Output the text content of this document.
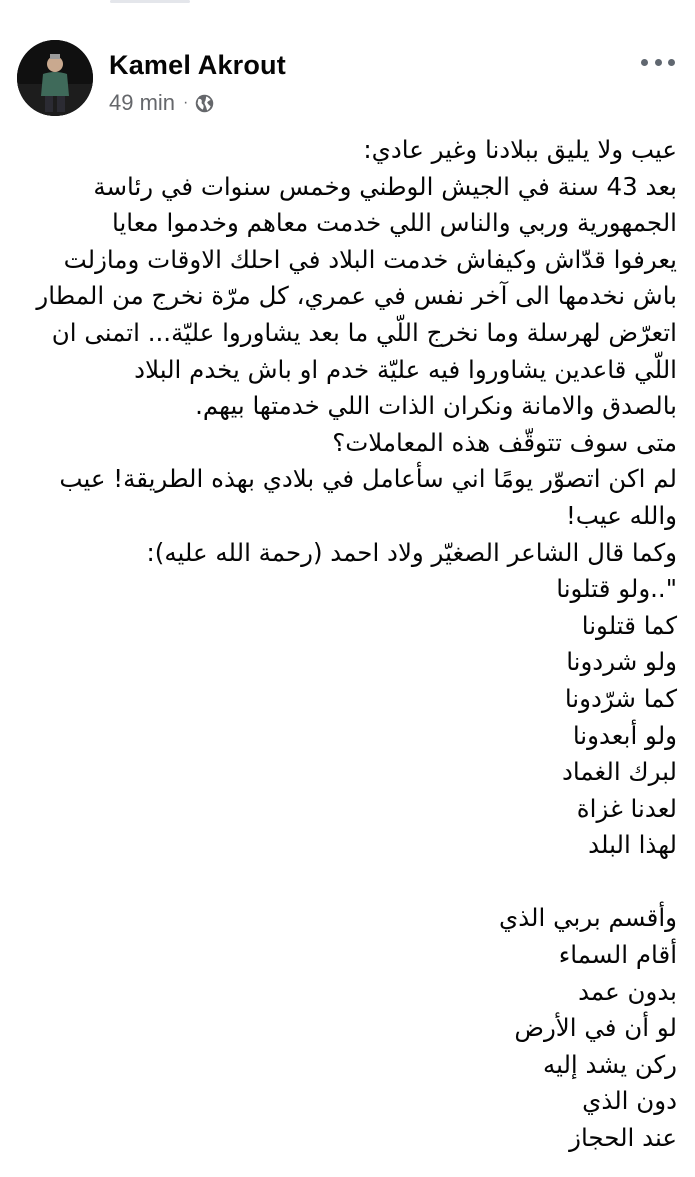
Kamel Akrout
49 min ·
عيب ولا يليق ببلادنا وغير عادي:
بعد 43 سنة في الجيش الوطني وخمس سنوات في رئاسة
الجمهورية وربي والناس اللي خدمت معاهم وخدموا معايا
يعرفوا قدّاش وكيفاش خدمت البلاد في احلك الاوقات ومازلت
باش نخدمها الى آخر نفس في عمري، كل مرّة نخرج من المطار
اتعرّض لهرسلة وما نخرج اللّي ما بعد يشاوروا عليّة... اتمنى ان
اللّي قاعدين يشاوروا فيه عليّة خدم او باش يخدم البلاد
بالصدق والامانة ونكران الذات اللي خدمتها بيهم.
متى سوف تتوقّف هذه المعاملات؟
لم اكن اتصوّر يومًا اني سأعامل في بلادي بهذه الطريقة! عيب
والله عيب!
وكما قال الشاعر الصغيّر ولاد احمد (رحمة الله عليه):
"..ولو قتلونا
كما قتلونا
ولو شردونا
كما شرّدونا
ولو أبعدونا
لبرك الغماد
لعدنا غزاة
لهذا البلد
وأقسم بربي الذي
أقام السماء
بدون عمد
لو أن في الأرض
ركن يشد إليه
دون الذي
عند الحجاز
